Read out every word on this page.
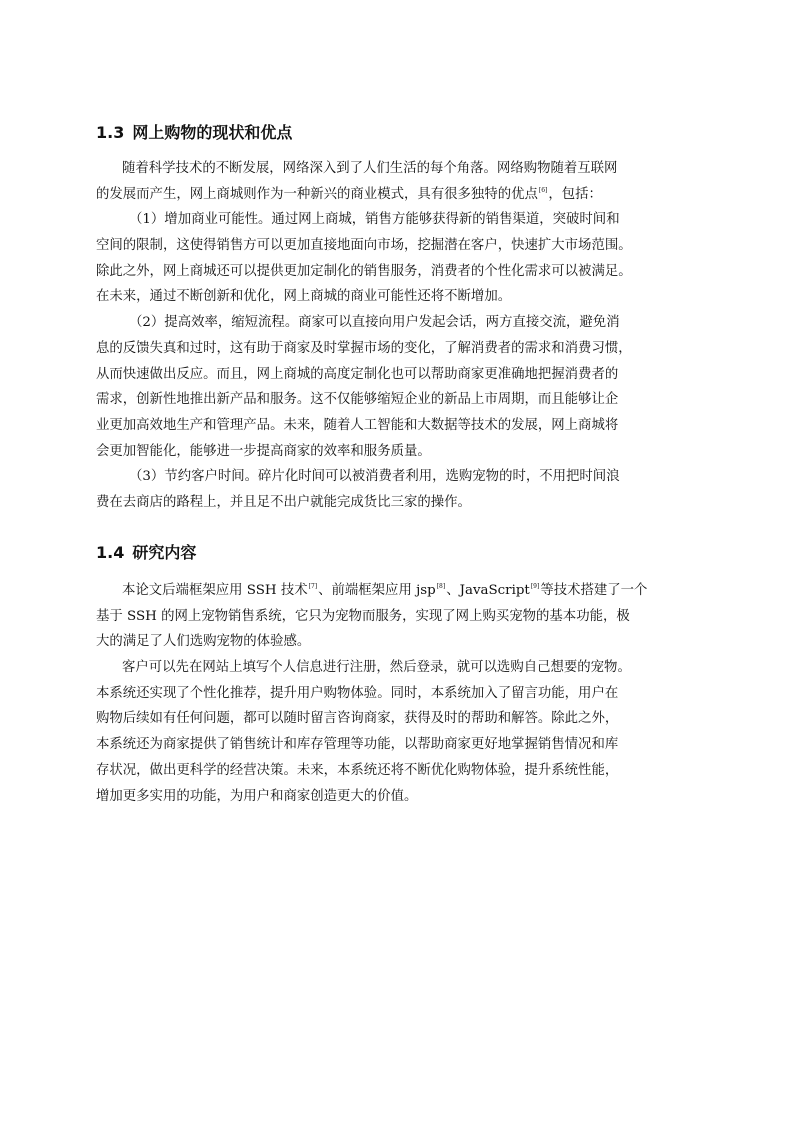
1.3 网上购物的现状和优点
随着科学技术的不断发展，网络深入到了人们生活的每个角落。网络购物随着互联网
的发展而产生，网上商城则作为一种新兴的商业模式，具有很多独特的优点[6]，包括：
（1）增加商业可能性。通过网上商城，销售方能够获得新的销售渠道，突破时间和
空间的限制，这使得销售方可以更加直接地面向市场，挖掘潜在客户，快速扩大市场范围。
除此之外，网上商城还可以提供更加定制化的销售服务，消费者的个性化需求可以被满足。
在未来，通过不断创新和优化，网上商城的商业可能性还将不断增加。
（2）提高效率，缩短流程。商家可以直接向用户发起会话，两方直接交流，避免消
息的反馈失真和过时，这有助于商家及时掌握市场的变化，了解消费者的需求和消费习惯，
从而快速做出反应。而且，网上商城的高度定制化也可以帮助商家更准确地把握消费者的
需求，创新性地推出新产品和服务。这不仅能够缩短企业的新品上市周期，而且能够让企
业更加高效地生产和管理产品。未来，随着人工智能和大数据等技术的发展，网上商城将
会更加智能化，能够进一步提高商家的效率和服务质量。
（3）节约客户时间。碎片化时间可以被消费者利用，选购宠物的时，不用把时间浪
费在去商店的路程上，并且足不出户就能完成货比三家的操作。
1.4 研究内容
本论文后端框架应用 SSH 技术[7]、前端框架应用 jsp[8]、JavaScript[9]等技术搭建了一个
基于 SSH 的网上宠物销售系统，它只为宠物而服务，实现了网上购买宠物的基本功能，极
大的满足了人们选购宠物的体验感。
客户可以先在网站上填写个人信息进行注册，然后登录，就可以选购自己想要的宠物。
本系统还实现了个性化推荐，提升用户购物体验。同时，本系统加入了留言功能，用户在
购物后续如有任何问题，都可以随时留言咨询商家，获得及时的帮助和解答。除此之外，
本系统还为商家提供了销售统计和库存管理等功能，以帮助商家更好地掌握销售情况和库
存状况，做出更科学的经营决策。未来，本系统还将不断优化购物体验，提升系统性能，
增加更多实用的功能，为用户和商家创造更大的价值。
